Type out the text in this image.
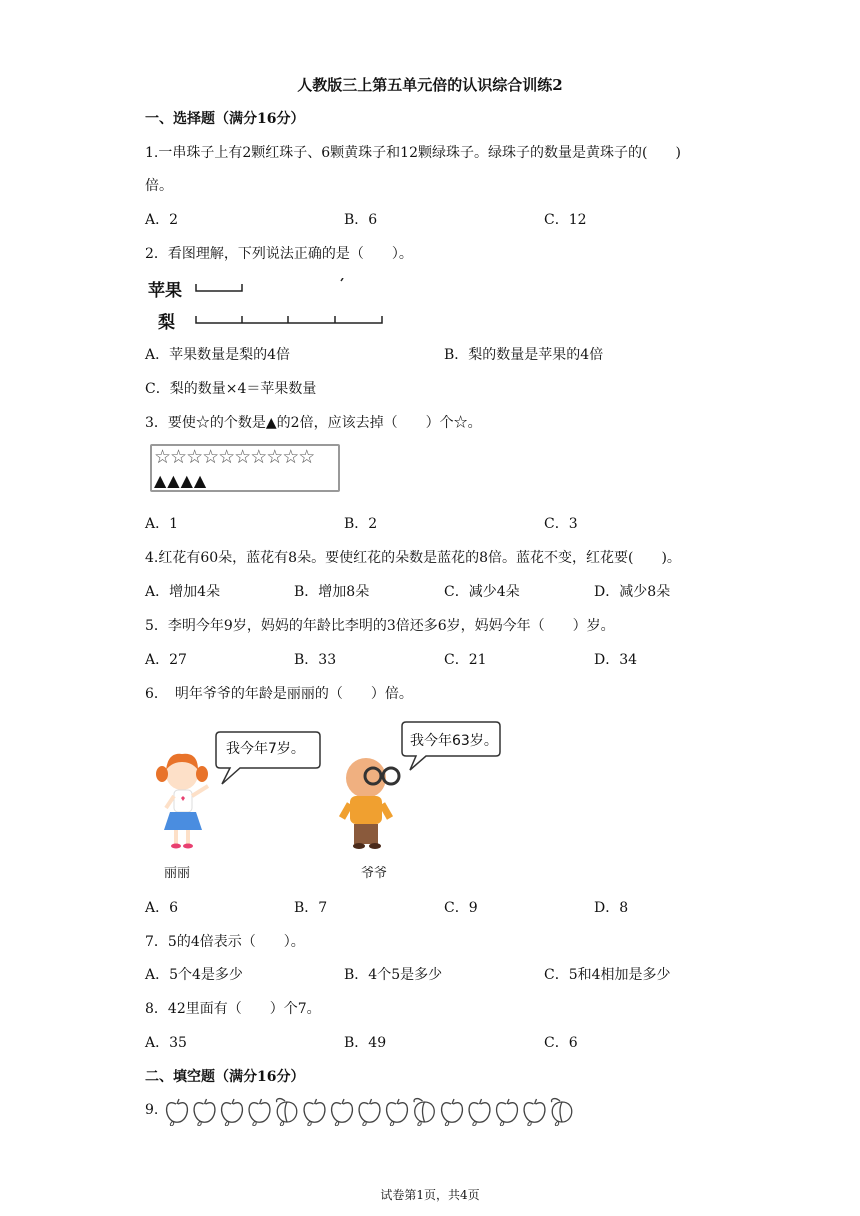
人教版三上第五单元倍的认识综合训练2
一、选择题（满分16分）
1.一串珠子上有2颗红珠子、6颗黄珠子和12颗绿珠子。绿珠子的数量是黄珠子的(　　)
倍。
A．2	B．6	C．12
2．看图理解，下列说法正确的是（　　）。
苹果
梨
A．苹果数量是梨的4倍	B．梨的数量是苹果的4倍
C．梨的数量×4＝苹果数量
3．要使☆的个数是▲的2倍，应该去掉（　　）个☆。
☆☆☆☆☆☆☆☆☆☆
▲▲▲▲
A．1	B．2	C．3
4.红花有60朵，蓝花有8朵。要使红花的朵数是蓝花的8倍。蓝花不变，红花要(　　)。
A．增加4朵	B．增加8朵	C．减少4朵	D．减少8朵
5．李明今年9岁，妈妈的年龄比李明的3倍还多6岁，妈妈今年（　　）岁。
A．27	B．33	C．21	D．34
6．　明年爷爷的年龄是丽丽的（　　）倍。
我今年7岁。	我今年63岁。
丽丽	爷爷
A．6	B．7	C．9	D．8
7．5的4倍表示（　　）。
A．5个4是多少	B．4个5是多少	C．5和4相加是多少
8．42里面有（　　）个7。
A．35	B．49	C．6
二、填空题（满分16分）
9.
试卷第1页，共4页
